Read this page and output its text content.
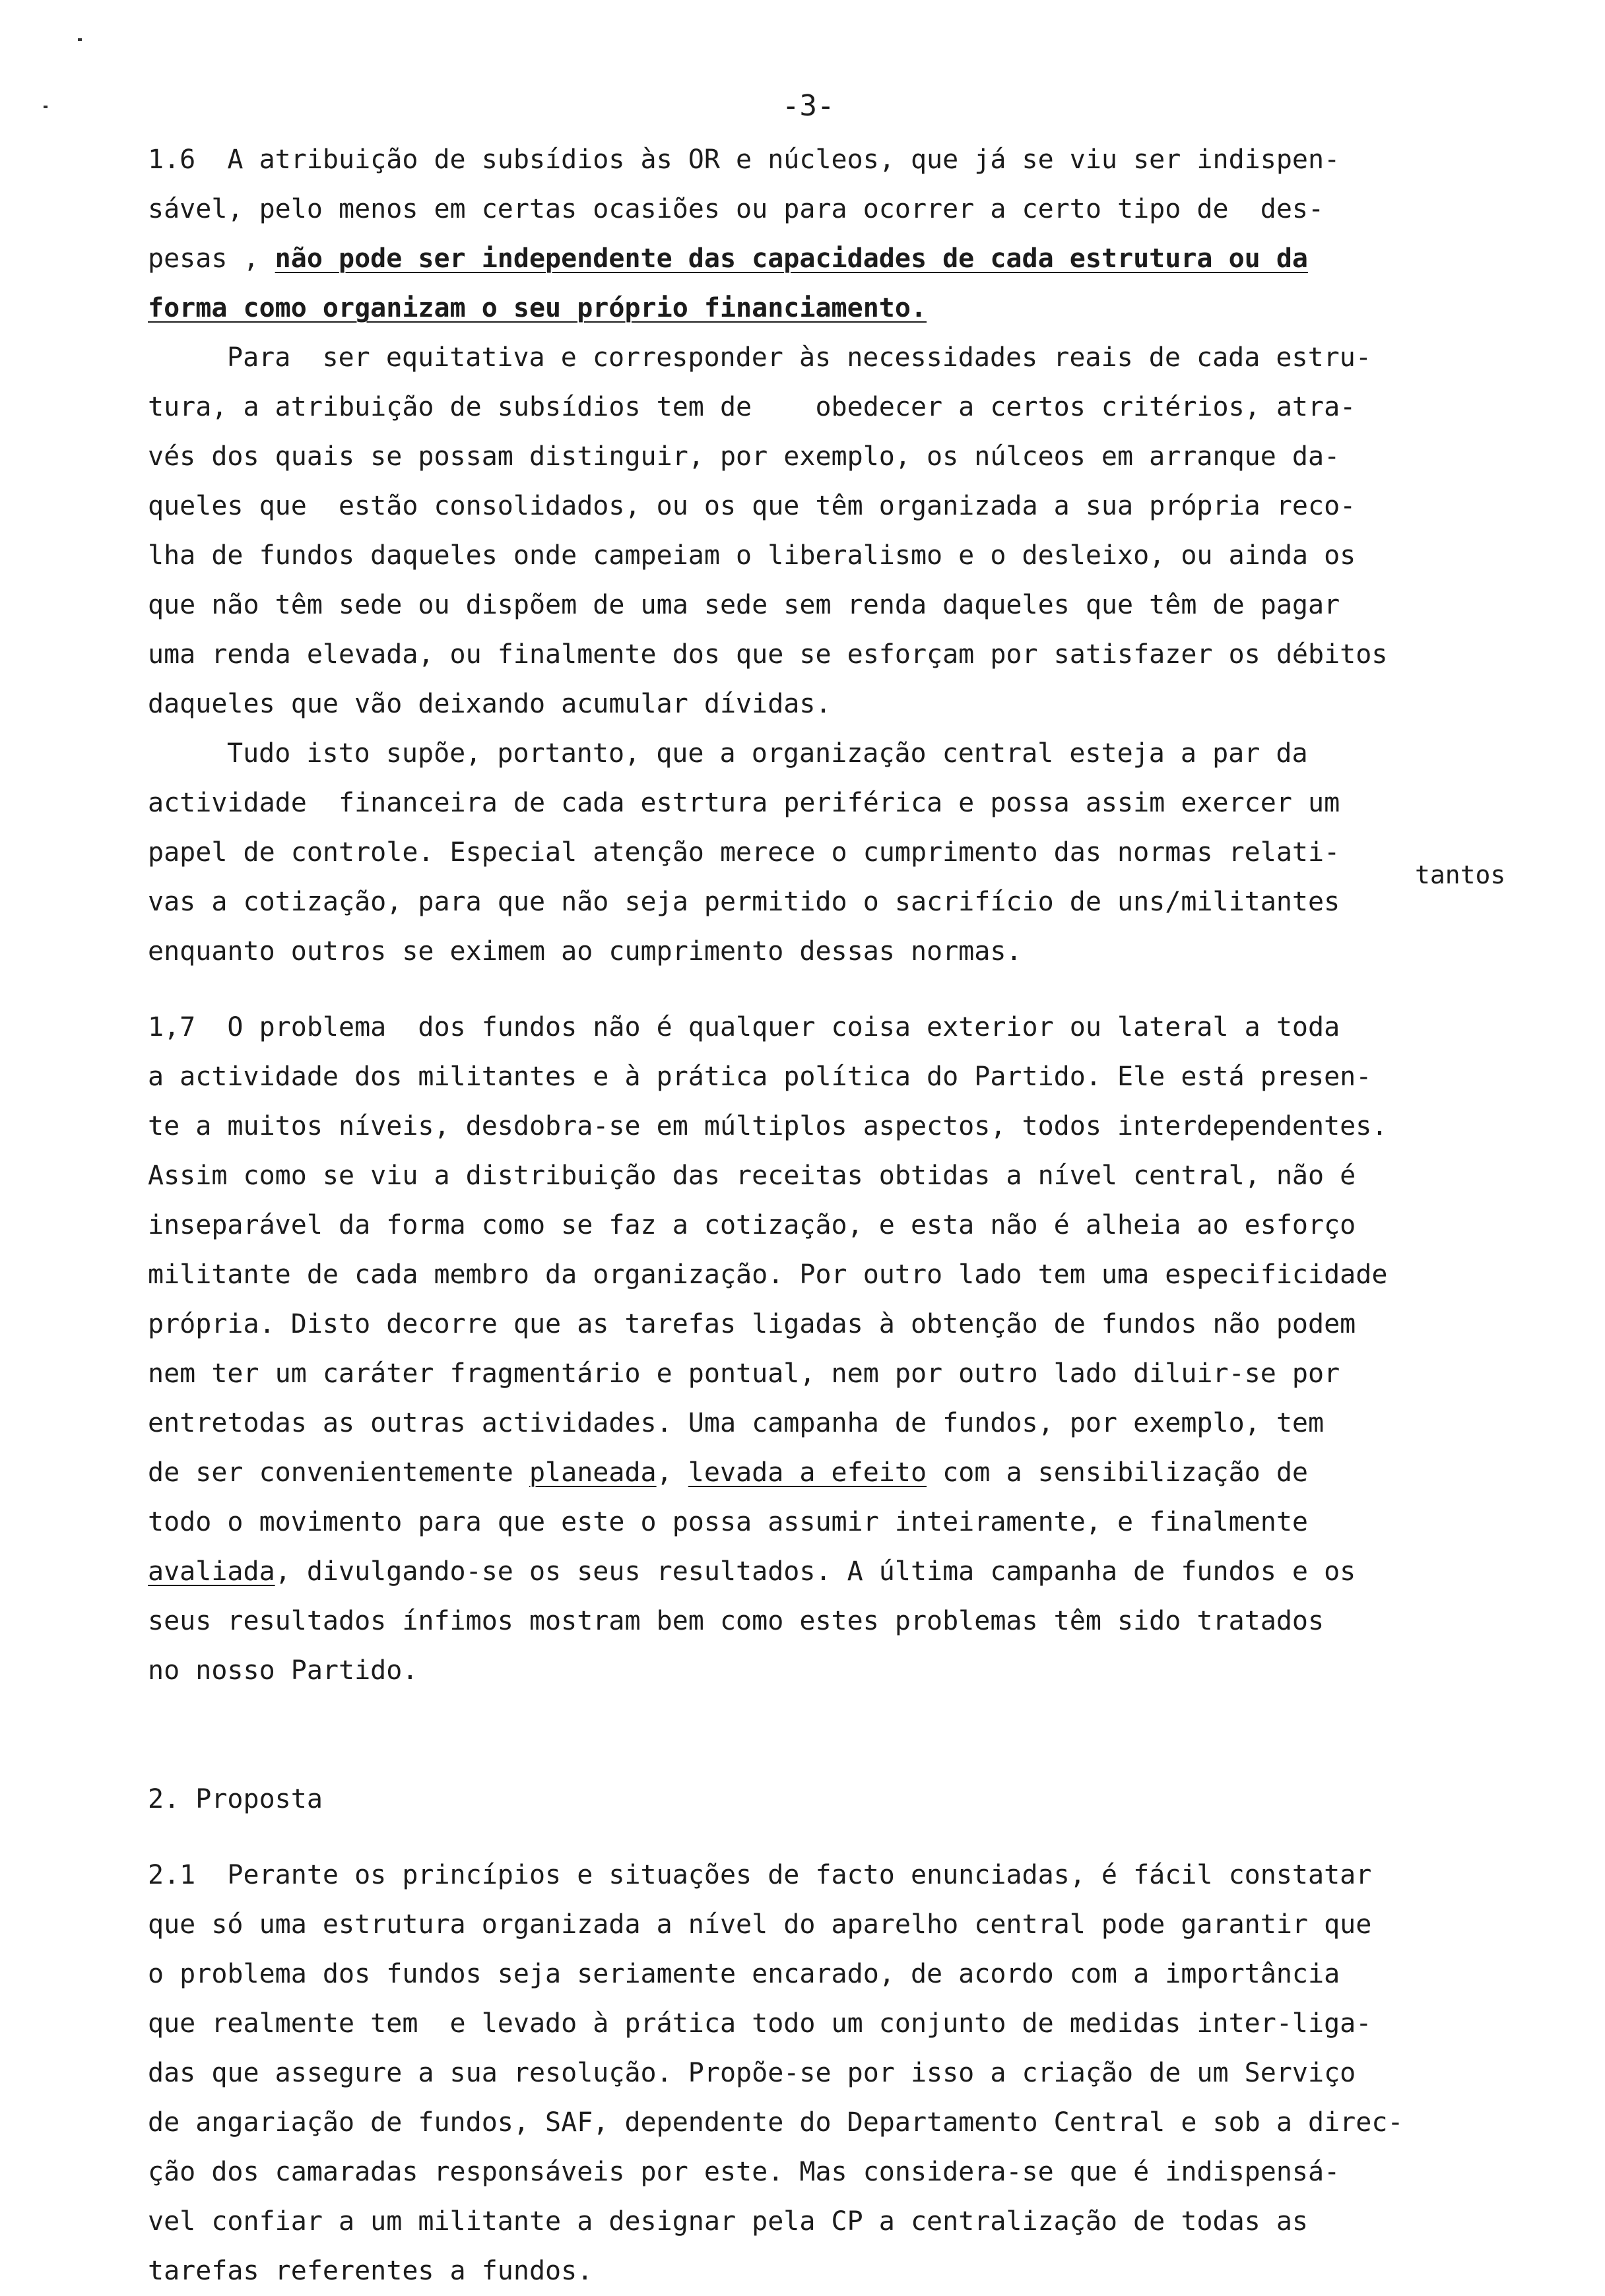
-3-
1.6  A atribuição de subsídios às OR e núcleos, que já se viu ser indispen-
sável, pelo menos em certas ocasiões ou para ocorrer a certo tipo de  des-
pesas , não pode ser independente das capacidades de cada estrutura ou da
forma como organizam o seu próprio financiamento.
Para  ser equitativa e corresponder às necessidades reais de cada estru-
tura, a atribuição de subsídios tem de    obedecer a certos critérios, atra-
vés dos quais se possam distinguir, por exemplo, os núlceos em arranque da-
queles que  estão consolidados, ou os que têm organizada a sua própria reco-
lha de fundos daqueles onde campeiam o liberalismo e o desleixo, ou ainda os
que não têm sede ou dispõem de uma sede sem renda daqueles que têm de pagar
uma renda elevada, ou finalmente dos que se esforçam por satisfazer os débitos
daqueles que vão deixando acumular dívidas.
Tudo isto supõe, portanto, que a organização central esteja a par da
actividade  financeira de cada estrtura periférica e possa assim exercer um
papel de controle. Especial atenção merece o cumprimento das normas relati-
tantos
vas a cotização, para que não seja permitido o sacrifício de uns/militantes
enquanto outros se eximem ao cumprimento dessas normas.
1,7  O problema  dos fundos não é qualquer coisa exterior ou lateral a toda
a actividade dos militantes e à prática política do Partido. Ele está presen-
te a muitos níveis, desdobra-se em múltiplos aspectos, todos interdependentes.
Assim como se viu a distribuição das receitas obtidas a nível central, não é
inseparável da forma como se faz a cotização, e esta não é alheia ao esforço
militante de cada membro da organização. Por outro lado tem uma especificidade
própria. Disto decorre que as tarefas ligadas à obtenção de fundos não podem
nem ter um caráter fragmentário e pontual, nem por outro lado diluir-se por
entretodas as outras actividades. Uma campanha de fundos, por exemplo, tem
de ser convenientemente planeada, levada a efeito com a sensibilização de
todo o movimento para que este o possa assumir inteiramente, e finalmente
avaliada, divulgando-se os seus resultados. A última campanha de fundos e os
seus resultados ínfimos mostram bem como estes problemas têm sido tratados
no nosso Partido.
2. Proposta
2.1  Perante os princípios e situações de facto enunciadas, é fácil constatar
que só uma estrutura organizada a nível do aparelho central pode garantir que
o problema dos fundos seja seriamente encarado, de acordo com a importância
que realmente tem  e levado à prática todo um conjunto de medidas inter-liga-
das que assegure a sua resolução. Propõe-se por isso a criação de um Serviço
de angariação de fundos, SAF, dependente do Departamento Central e sob a direc-
ção dos camaradas responsáveis por este. Mas considera-se que é indispensá-
vel confiar a um militante a designar pela CP a centralização de todas as
tarefas referentes a fundos.
